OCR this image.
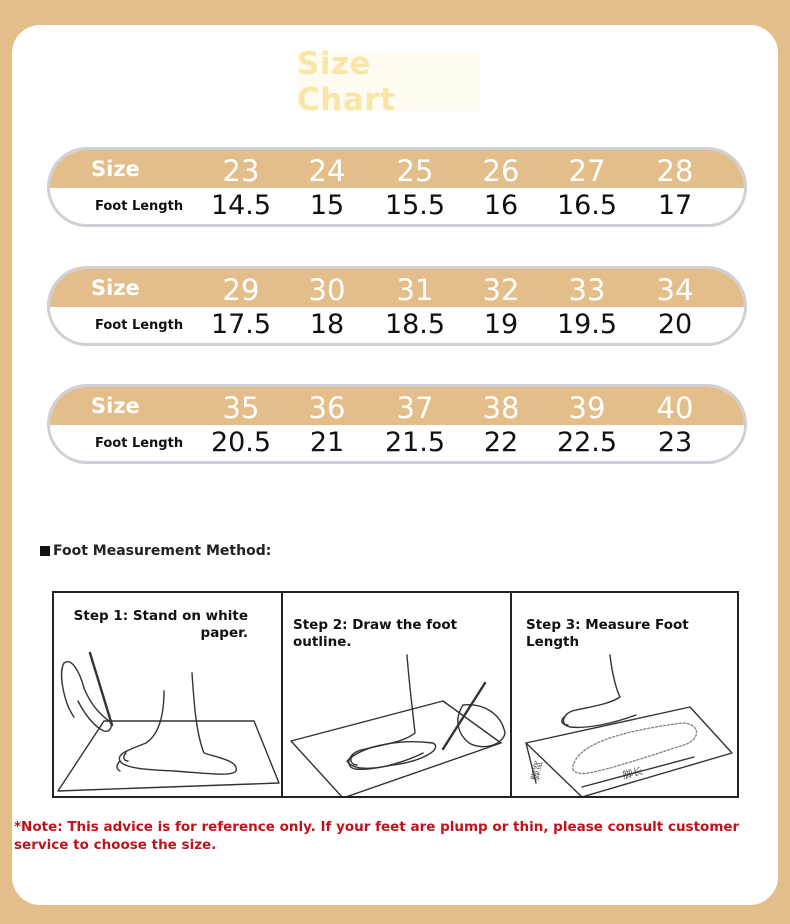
Size Chart
Size	23	24	25	26	27	28
Foot Length 14.5	15	15.5	16	16.5	17
Size	29	30	31	32	33	34
Foot Length 17.5	18	18.5	19	19.5	20
Size	35	36	37	38	39	40
Foot Length 20.5	21	21.5	22	22.5	23
Foot Measurement Method:
Step 1: Stand on white paper.	Step 2: Draw the foot outline.
脚宽	脚长
Step 3: Measure Foot Length
*Note: This advice is for reference only. If your feet are plump or thin, please consult customer service to choose the size.
